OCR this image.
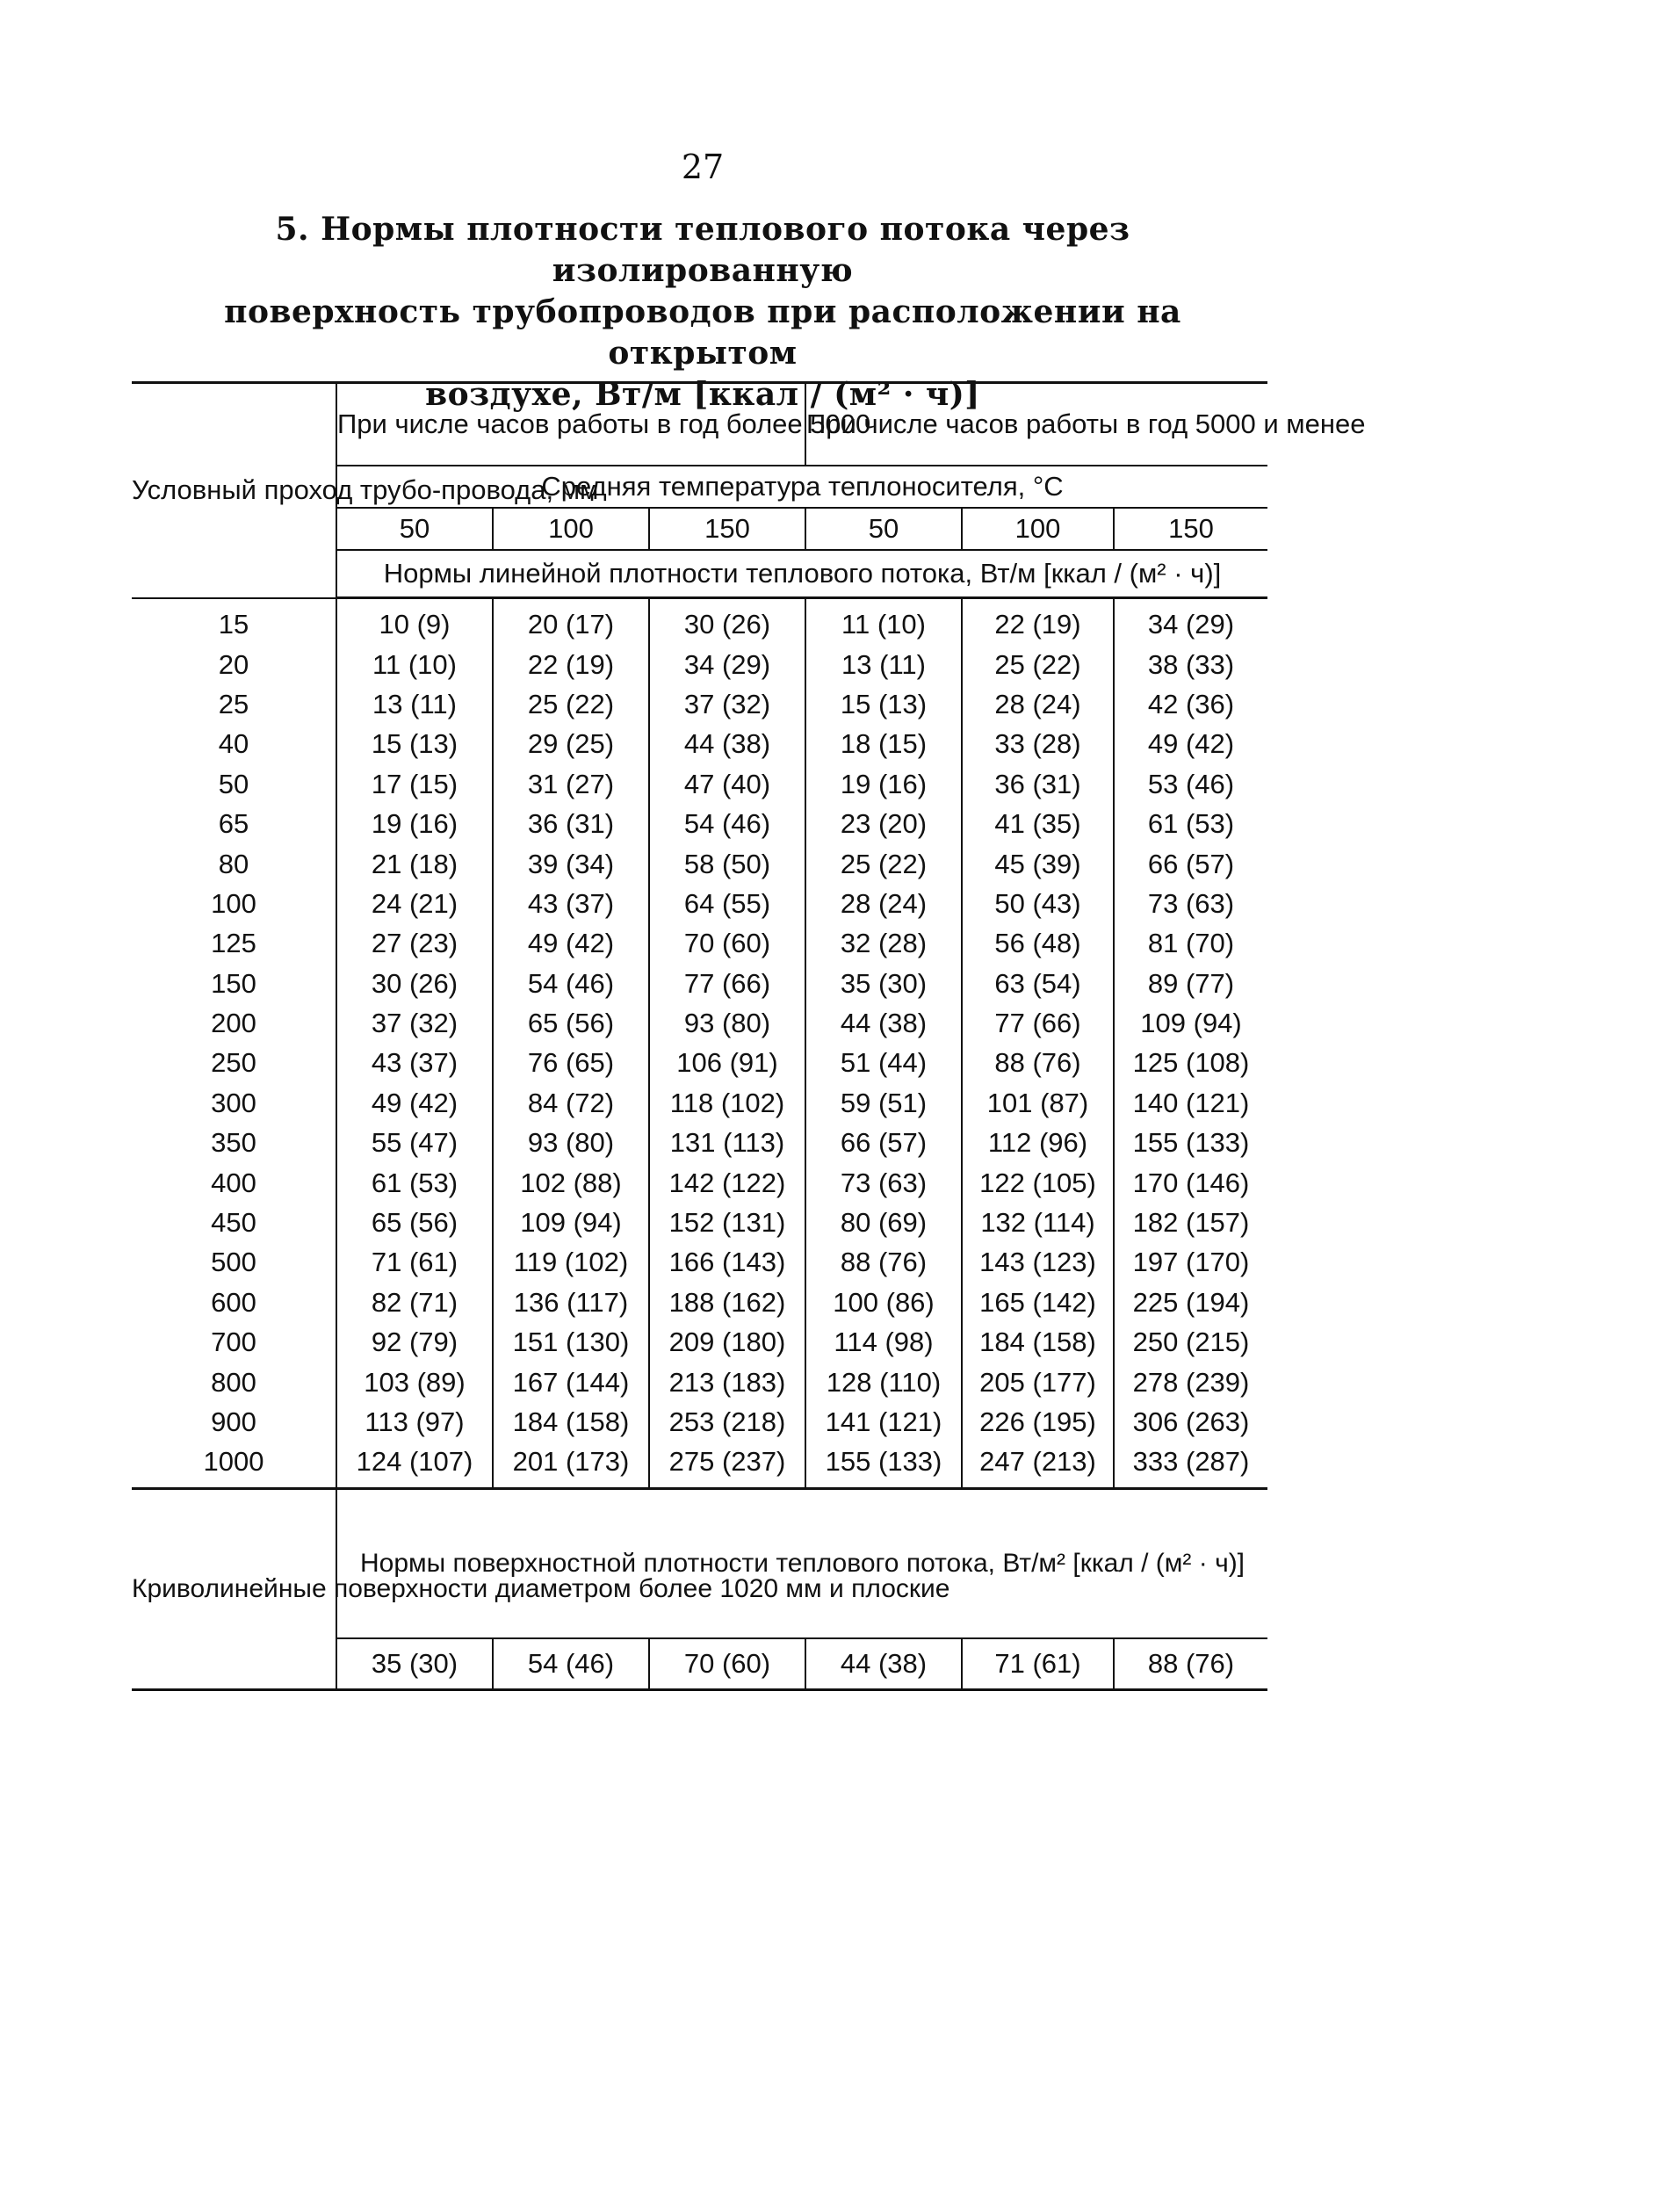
27
5. Нормы плотности теплового потока через изолированную
поверхность трубопроводов при расположении на открытом
воздухе, Вт/м [ккал / (м² · ч)]
Условный проход трубо-провода, мм	При числе часов работы в год более 5000			При числе часов работы в год 5000 и менее		
	Средняя температура теплоносителя, °С					
	50	100	150	50	100	150
	Нормы линейной плотности теплового потока, Вт/м [ккал / (м² · ч)]					
15	10 (9)	20 (17)	30 (26)	11 (10)	22 (19)	34 (29)
20	11 (10)	22 (19)	34 (29)	13 (11)	25 (22)	38 (33)
25	13 (11)	25 (22)	37 (32)	15 (13)	28 (24)	42 (36)
40	15 (13)	29 (25)	44 (38)	18 (15)	33 (28)	49 (42)
50	17 (15)	31 (27)	47 (40)	19 (16)	36 (31)	53 (46)
65	19 (16)	36 (31)	54 (46)	23 (20)	41 (35)	61 (53)
80	21 (18)	39 (34)	58 (50)	25 (22)	45 (39)	66 (57)
100	24 (21)	43 (37)	64 (55)	28 (24)	50 (43)	73 (63)
125	27 (23)	49 (42)	70 (60)	32 (28)	56 (48)	81 (70)
150	30 (26)	54 (46)	77 (66)	35 (30)	63 (54)	89 (77)
200	37 (32)	65 (56)	93 (80)	44 (38)	77 (66)	109 (94)
250	43 (37)	76 (65)	106 (91)	51 (44)	88 (76)	125 (108)
300	49 (42)	84 (72)	118 (102)	59 (51)	101 (87)	140 (121)
350	55 (47)	93 (80)	131 (113)	66 (57)	112 (96)	155 (133)
400	61 (53)	102 (88)	142 (122)	73 (63)	122 (105)	170 (146)
450	65 (56)	109 (94)	152 (131)	80 (69)	132 (114)	182 (157)
500	71 (61)	119 (102)	166 (143)	88 (76)	143 (123)	197 (170)
600	82 (71)	136 (117)	188 (162)	100 (86)	165 (142)	225 (194)
700	92 (79)	151 (130)	209 (180)	114 (98)	184 (158)	250 (215)
800	103 (89)	167 (144)	213 (183)	128 (110)	205 (177)	278 (239)
900	113 (97)	184 (158)	253 (218)	141 (121)	226 (195)	306 (263)
1000	124 (107)	201 (173)	275 (237)	155 (133)	247 (213)	333 (287)
Криволинейные поверхности диаметром более 1020 мм и плоские	Нормы поверхностной плотности теплового потока, Вт/м² [ккал / (м² · ч)]					
	35 (30)	54 (46)	70 (60)	44 (38)	71 (61)	88 (76)
